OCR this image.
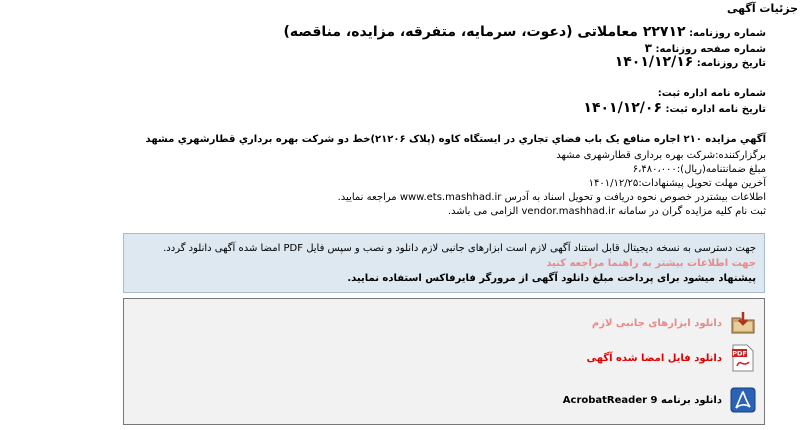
جزئیات آگهی
شماره روزنامه: ۲۲۷۱۲ معاملاتی (دعوت، سرمایه، متفرقه، مزایده، مناقصه)
شماره صفحه روزنامه: ۳
تاریخ روزنامه: ۱۴۰۱/۱۲/۱۶
شماره نامه اداره ثبت:
تاریخ نامه اداره ثبت: ۱۴۰۱/۱۲/۰۶
آگهي مزايده ۲۱۰ اجاره منافع يک باب فضاي تجاري در ايستگاه کاوه (پلاک ۲۱۲۰۶)خط دو شرکت بهره برداري قطارشهري مشهد
برگزارکننده:شرکت بهره برداری قطارشهری مشهد
مبلغ ضمانتنامه(ریال):۶،۴۸۰،۰۰۰
آخرین مهلت تحویل پیشنهادات:۱۴۰۱/۱۲/۲۵
اطلاعات بیشتردر خصوص نحوه دریافت و تحویل اسناد به آدرس www.ets.mashhad.ir مراجعه نمایید.
ثبت نام کلیه مزایده گران در سامانه vendor.mashhad.ir الزامی می باشد.
جهت دسترسی به نسخه دیجیتال قابل استناد آگهی لازم است ابزارهای جانبی لازم دانلود و نصب و سپس فایل PDF امضا شده آگهی دانلود گردد.
جهت اطلاعات بیشتر به راهنما مراجعه کنید
پیشنهاد میشود برای پرداخت مبلغ دانلود آگهی از مرورگر فایرفاکس استفاده نمایید.
دانلود ابزارهای جانبی لازم
PDF
دانلود فایل امضا شده آگهی
دانلود برنامه AcrobatReader 9
